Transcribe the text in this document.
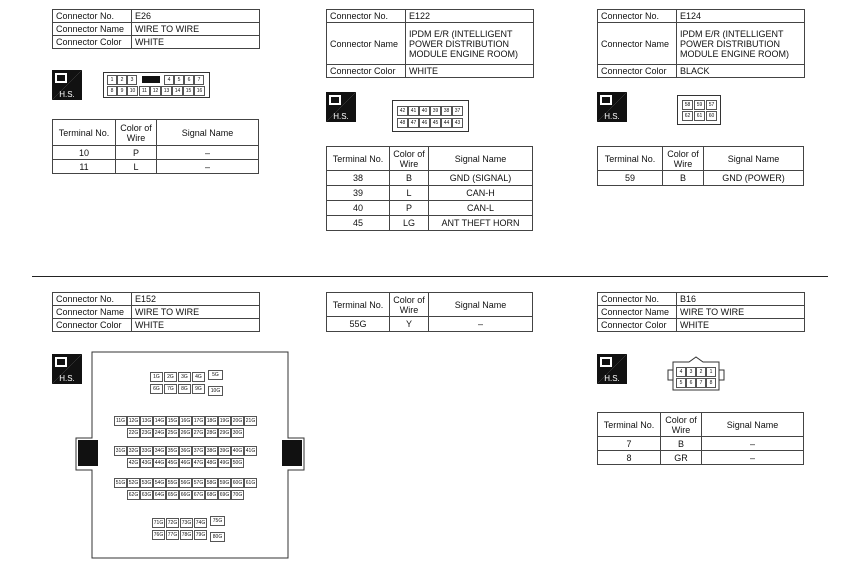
Connector No.	E26
Connector Name	WIRE TO WIRE
Connector Color	WHITE
H.S.
1	2	3	4	5	6	7
8	9	10	11	12	13	14	15	16
Terminal No.	Color of Wire	Signal Name
10	P	–
11	L	–
Connector No.	E122
Connector Name	IPDM E/R (INTELLIGENT POWER DISTRIBUTION MODULE ENGINE ROOM)
Connector Color	WHITE
H.S.
42	41	40	39	38	37
48	47	46	45	44	43
Terminal No.	Color of Wire	Signal Name
38	B	GND (SIGNAL)
39	L	CAN-H
40	P	CAN-L
45	LG	ANT THEFT HORN
Connector No.	E124
Connector Name	IPDM E/R (INTELLIGENT POWER DISTRIBUTION MODULE ENGINE ROOM)
Connector Color	BLACK
H.S.
58	59	57
62	61	60
Terminal No.	Color of Wire	Signal Name
59	B	GND (POWER)
Connector No.	E152
Connector Name	WIRE TO WIRE
Connector Color	WHITE
H.S.	1G	2G	3G	4G	5G
6G	7G	8G	9G	10G
11G 12G 13G 14G 15G 16G 17G 18G 19G 20G 21G
22G 23G 24G 25G 26G 27G 28G 29G 30G
31G 32G 33G 34G 35G 36G 37G 38G 39G 40G 41G
42G 43G 44G 45G 46G 47G 48G 49G 50G
51G 52G 53G 54G 55G 56G 57G 58G 59G 60G 61G
62G 63G 64G 65G 66G 67G 68G 69G 70G
71G 72G 73G 74G	75G
76G 77G 78G 79G	80G
Terminal No.	Color of Wire	Signal Name
55G	Y	–
Connector No.	B16
Connector Name	WIRE TO WIRE
Connector Color	WHITE
H.S.
4	3	2	1
5	6	7	8
Terminal No.	Color of Wire	Signal Name
7	B	–
8	GR	–
